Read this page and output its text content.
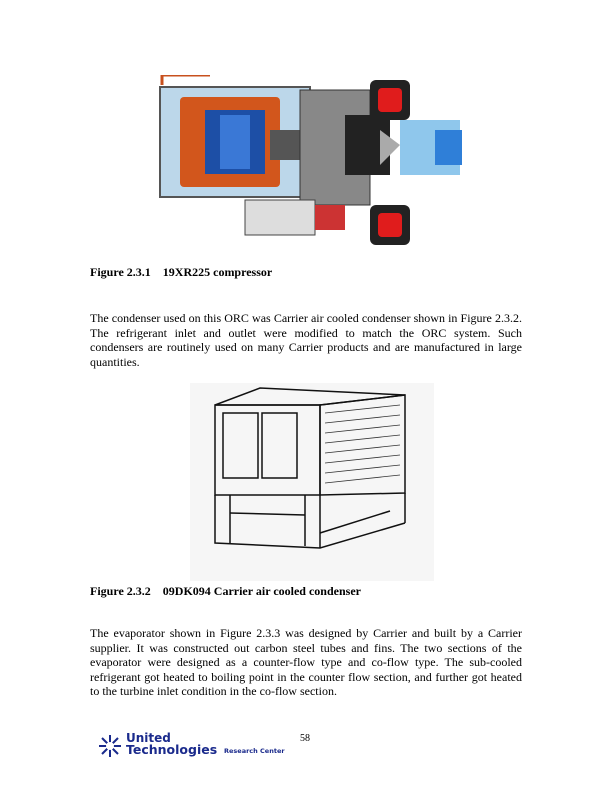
Figure 2.3.1 19XR225 compressor
The condenser used on this ORC was Carrier air cooled condenser shown in Figure 2.3.2.
The refrigerant inlet and outlet were modified to match the ORC system. Such
condensers are routinely used on many Carrier products and are manufactured in large
quantities.
Figure 2.3.2 09DK094 Carrier air cooled condenser
The evaporator shown in Figure 2.3.3 was designed by Carrier and built by a Carrier
supplier. It was constructed out carbon steel tubes and fins. The two sections of the
evaporator were designed as a counter-flow type and co-flow type. The sub-cooled
refrigerant got heated to boiling point in the counter flow section, and further got heated
to the turbine inlet condition in the co-flow section.
United
Technologies Research Center
58
